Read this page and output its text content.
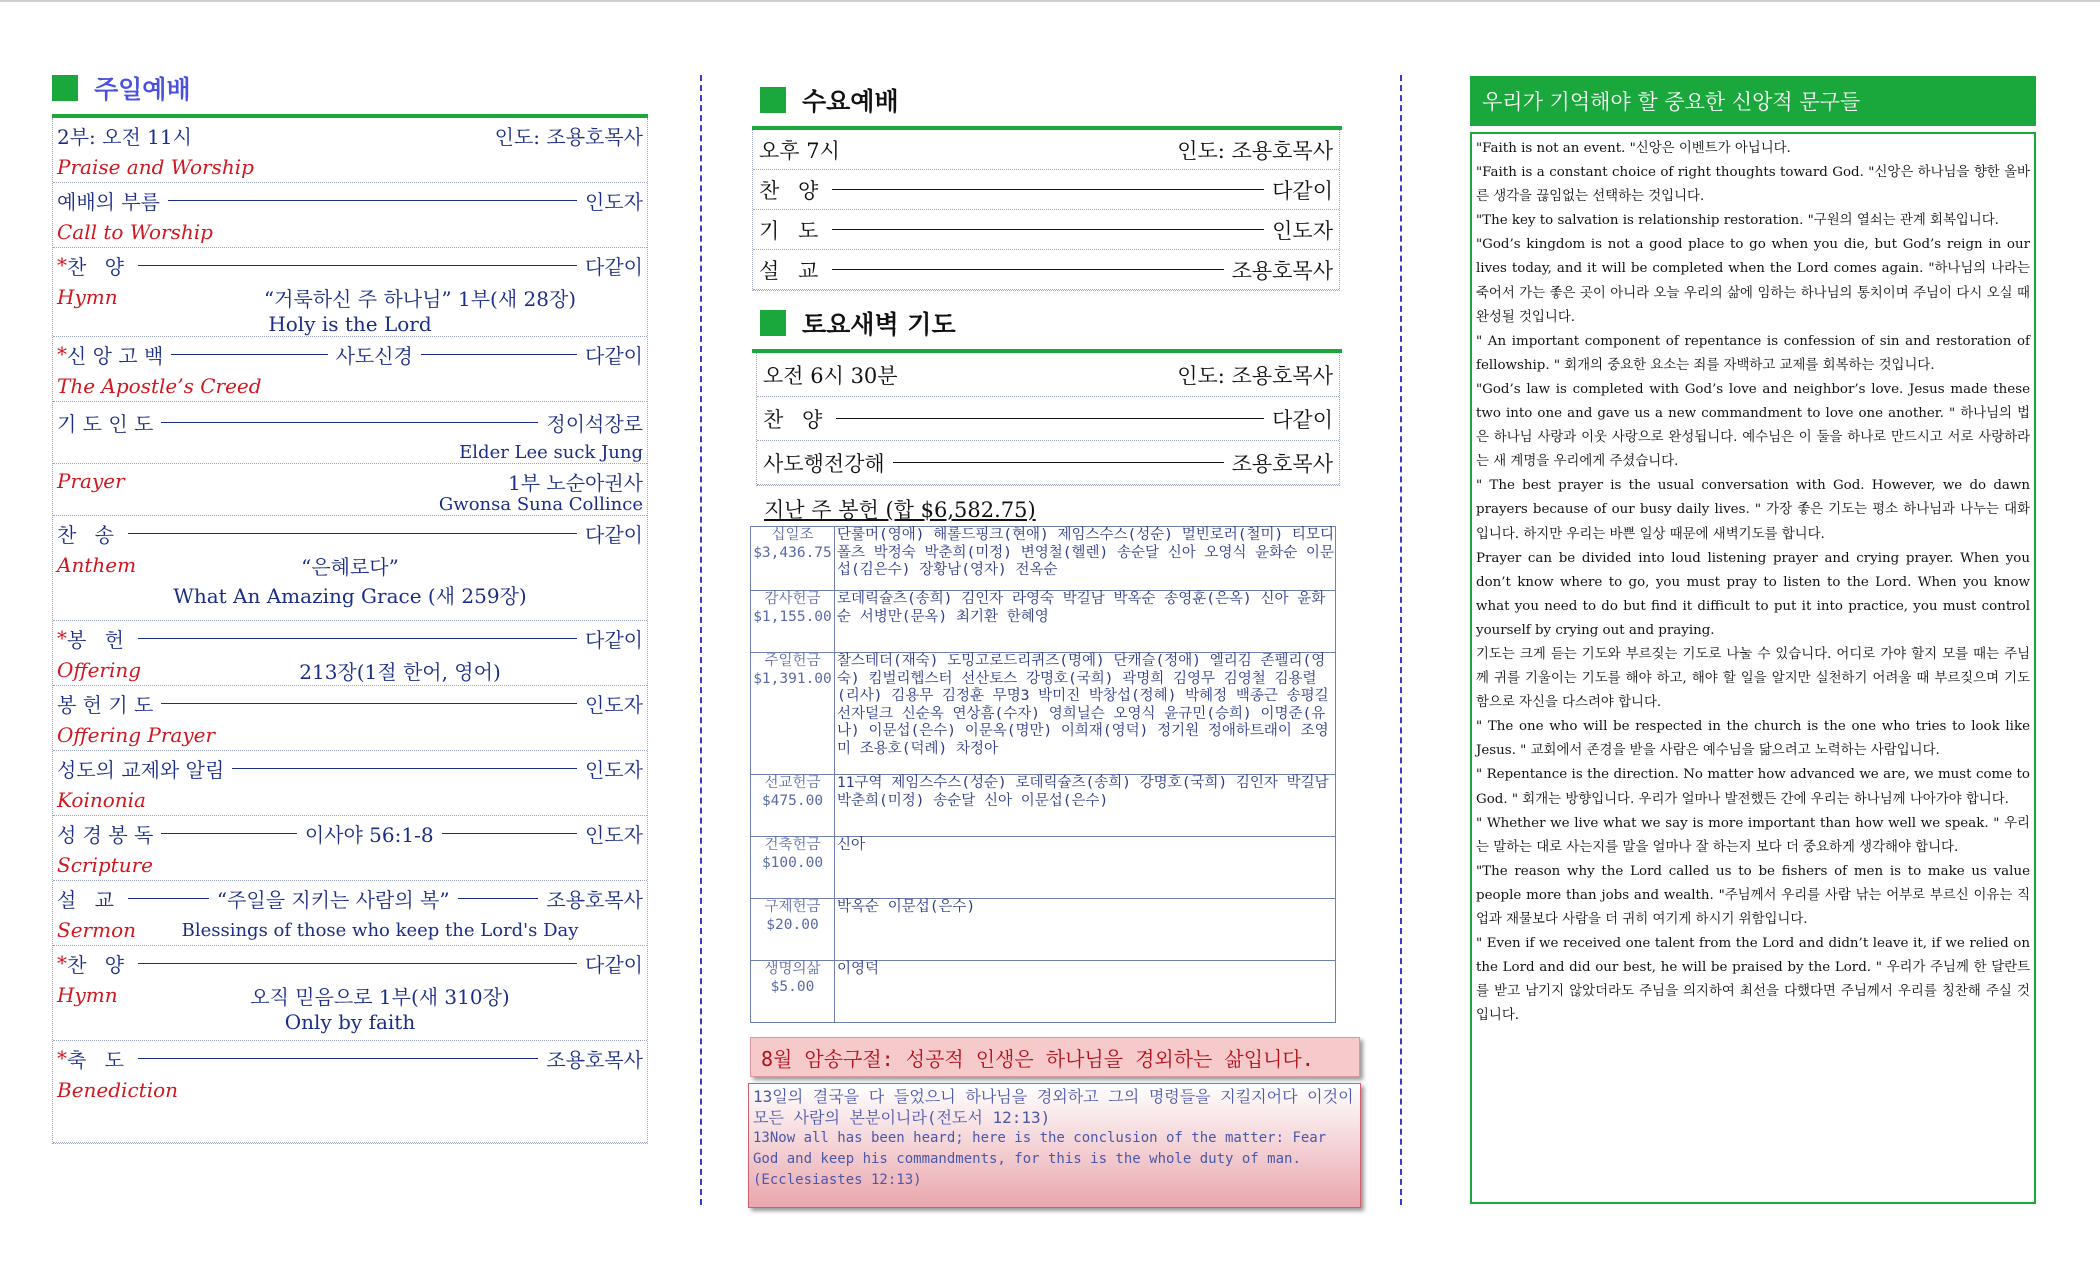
주일예배
2부: 오전 11시	인도: 조용호목사
Praise and Worship
예배의 부름	인도자
Call to Worship
* 찬 양	다같이
Hymn	“거룩하신 주 하나님” 1부(새 28장)
Holy is the Lord
* 신 앙 고 백	사도신경	다같이
The Apostle’s Creed
기 도 인 도	정이석장로
Elder Lee suck Jung
Prayer	1부 노순아권사
Gwonsa Suna Collince
찬 송	다같이
Anthem	“은혜로다”
What An Amazing Grace (새 259장)
* 봉 헌	다같이
Offering	213장(1절 한어, 영어)
봉 헌 기 도	인도자
Offering Prayer
성도의 교제와 알림	인도자
Koinonia
성 경 봉 독	이사야 56:1-8	인도자
Scripture
설 교	“주일을 지키는 사람의 복”	조용호목사
Sermon	Blessings of those who keep the Lord's Day
* 찬 양	다같이
Hymn	오직 믿음으로 1부(새 310장)
Only by faith
* 축 도	조용호목사
Benediction
수요예배
오후 7시	인도: 조용호목사
찬 양	다같이
기 도	인도자
설 교	조용호목사
토요새벽 기도
오전 6시 30분	인도: 조용호목사
찬 양	다같이
사도행전강해	조용호목사
지난 주 봉헌 (합 $6,582.75)
십일조
$3,436.75	단룰머(영애) 해롤드핑크(현애) 제임스수스(성순) 멀빈로러(철미) 티모디폴츠 박정숙 박춘희(미정) 변영철(헬렌) 송순달 신아 오영식 윤화순 이문섭(김은수) 장황남(영자) 전옥순

감사헌금
$1,155.00	로데릭슐츠(송희) 김인자 라영숙 박길남 박옥순 송영훈(은옥) 신아 윤화순 서병만(문옥) 최기환 한혜영

주일헌금
$1,391.00	찰스테더(재숙) 도밍고로드리퀴즈(명예) 단캐슬(정애) 엘리김 존펠리(영숙) 킴벌리헵스터 선산토스 강명호(국희) 곽명희 김영무 김영철 김용렬(리사) 김용무 김정훈 무명3 박미진 박창섭(정혜) 박혜정 백종근 송평길 선자덜크 신순옥 연상흠(수자) 영희닐슨 오영식 윤규민(승희) 이명준(유나) 이문섭(은수) 이문옥(명만) 이희재(영덕) 정기원 정애하트래이 조영미 조용호(덕례) 차정아

선교헌금
$475.00	11구역 제임스수스(성순) 로데릭슐츠(송희) 강명호(국희) 김인자 박길남 박춘희(미정) 송순달 신아 이문섭(은수)

건축헌금
$100.00	신아

구제헌금
$20.00	박옥순 이문섭(은수)

생명의삶
$5.00	이영덕
8월 암송구절: 성공적 인생은 하나님을 경외하는 삶입니다.
13일의 결국을 다 들었으니 하나님을 경외하고 그의 명령들을 지킬지어다 이것이 모든 사람의 본분이니라(전도서 12:13)
13Now all has been heard; here is the conclusion of the matter: Fear God and keep his commandments, for this is the whole duty of man. (Ecclesiastes 12:13)
우리가 기억해야 할 중요한 신앙적 문구들

"Faith is not an event. "신앙은 이벤트가 아닙니다.

"Faith is a constant choice of right thoughts toward God. "신앙은 하나님을 향한 올바른 생각을 끊임없는 선택하는 것입니다.

"The key to salvation is relationship restoration. "구원의 열쇠는 관계 회복입니다.

"God’s kingdom is not a good place to go when you die, but God’s reign in our lives today, and it will be completed when the Lord comes again. "하나님의 나라는 죽어서 가는 좋은 곳이 아니라 오늘 우리의 삶에 임하는 하나님의 통치이며 주님이 다시 오실 때 완성될 것입니다.

" An important component of repentance is confession of sin and restoration of fellowship. " 회개의 중요한 요소는 죄를 자백하고 교제를 회복하는 것입니다.

"God’s law is completed with God’s love and neighbor’s love. Jesus made these two into one and gave us a new commandment to love one another. " 하나님의 법은 하나님 사랑과 이웃 사랑으로 완성됩니다. 예수님은 이 둘을 하나로 만드시고 서로 사랑하라는 새 계명을 우리에게 주셨습니다.

" The best prayer is the usual conversation with God. However, we do dawn prayers because of our busy daily lives. " 가장 좋은 기도는 평소 하나님과 나누는 대화입니다. 하지만 우리는 바쁜 일상 때문에 새벽기도를 합니다.

Prayer can be divided into loud listening prayer and crying prayer. When you don’t know where to go, you must pray to listen to the Lord. When you know what you need to do but find it difficult to put it into practice, you must control yourself by crying out and praying.

기도는 크게 듣는 기도와 부르짖는 기도로 나눌 수 있습니다. 어디로 가야 할지 모를 때는 주님께 귀를 기울이는 기도를 해야 하고, 해야 할 일을 알지만 실천하기 어려울 때 부르짖으며 기도함으로 자신을 다스려야 합니다.

" The one who will be respected in the church is the one who tries to look like Jesus. " 교회에서 존경을 받을 사람은 예수님을 닮으려고 노력하는 사람입니다.

" Repentance is the direction. No matter how advanced we are, we must come to God. " 회개는 방향입니다. 우리가 얼마나 발전했든 간에 우리는 하나님께 나아가야 합니다.

" Whether we live what we say is more important than how well we speak. " 우리는 말하는 대로 사는지를 말을 얼마나 잘 하는지 보다 더 중요하게 생각해야 합니다.

"The reason why the Lord called us to be fishers of men is to make us value people more than jobs and wealth. "주님께서 우리를 사람 낚는 어부로 부르신 이유는 직업과 재물보다 사람을 더 귀히 여기게 하시기 위함입니다.

" Even if we received one talent from the Lord and didn’t leave it, if we relied on the Lord and did our best, he will be praised by the Lord. " 우리가 주님께 한 달란트를 받고 남기지 않았더라도 주님을 의지하여 최선을 다했다면 주님께서 우리를 칭찬해 주실 것입니다.
